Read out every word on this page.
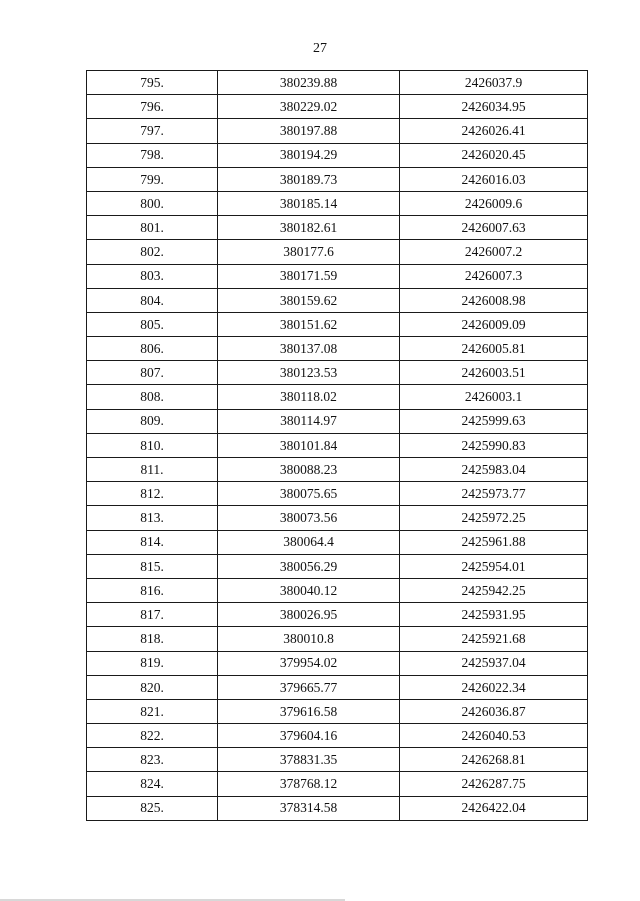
27
795.	380239.88	2426037.9
796.	380229.02	2426034.95
797.	380197.88	2426026.41
798.	380194.29	2426020.45
799.	380189.73	2426016.03
800.	380185.14	2426009.6
801.	380182.61	2426007.63
802.	380177.6	2426007.2
803.	380171.59	2426007.3
804.	380159.62	2426008.98
805.	380151.62	2426009.09
806.	380137.08	2426005.81
807.	380123.53	2426003.51
808.	380118.02	2426003.1
809.	380114.97	2425999.63
810.	380101.84	2425990.83
811.	380088.23	2425983.04
812.	380075.65	2425973.77
813.	380073.56	2425972.25
814.	380064.4	2425961.88
815.	380056.29	2425954.01
816.	380040.12	2425942.25
817.	380026.95	2425931.95
818.	380010.8	2425921.68
819.	379954.02	2425937.04
820.	379665.77	2426022.34
821.	379616.58	2426036.87
822.	379604.16	2426040.53
823.	378831.35	2426268.81
824.	378768.12	2426287.75
825.	378314.58	2426422.04
